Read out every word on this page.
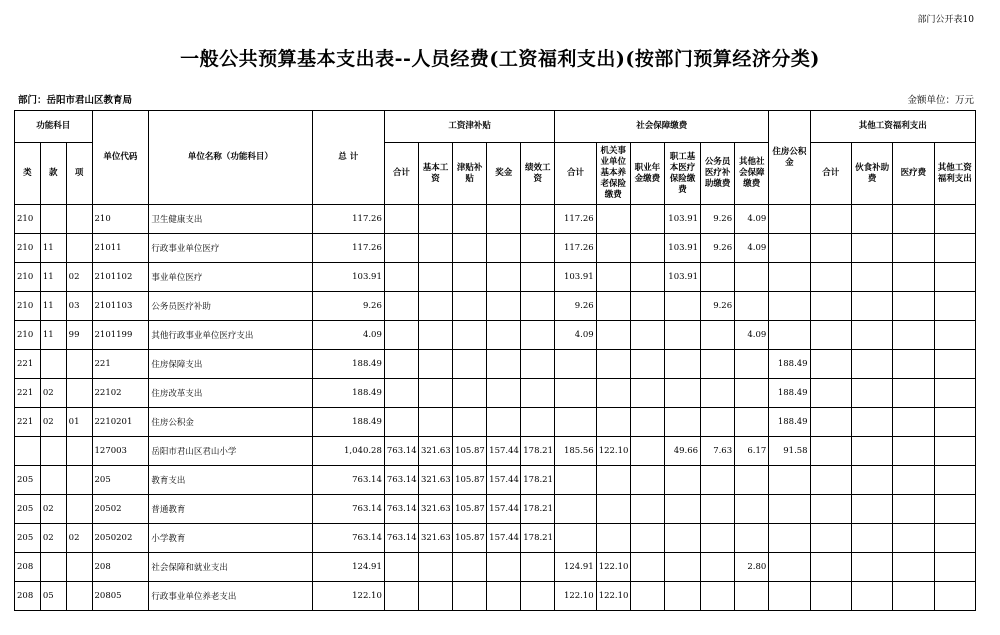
部门公开表10
一般公共预算基本支出表--人员经费(工资福利支出)(按部门预算经济分类)
部门：岳阳市君山区教育局	金额单位：万元
功能科目			单位代码	单位名称（功能科目）	总 计	工资津补贴					社会保障缴费						住房公积金	其他工资福利支出			
类	款	项				合计	基本工资	津贴补贴	奖金	绩效工资	合计	机关事业单位基本养老保险缴费	职业年金缴费	职工基本医疗保险缴费	公务员医疗补助缴费	其他社会保障缴费		合计	伙食补助费	医疗费	其他工资福利支出
210			210	卫生健康支出	117.26						117.26			103.91	9.26	4.09					
210	11		21011	行政事业单位医疗	117.26						117.26			103.91	9.26	4.09					
210	11	02	2101102	事业单位医疗	103.91						103.91			103.91							
210	11	03	2101103	公务员医疗补助	9.26						9.26				9.26						
210	11	99	2101199	其他行政事业单位医疗支出	4.09						4.09					4.09					
221			221	住房保障支出	188.49												188.49				
221	02		22102	住房改革支出	188.49												188.49				
221	02	01	2210201	住房公积金	188.49												188.49				
			127003	岳阳市君山区君山小学	1,040.28	763.14	321.63	105.87	157.44	178.21	185.56	122.10		49.66	7.63	6.17	91.58				
205			205	教育支出	763.14	763.14	321.63	105.87	157.44	178.21											
205	02		20502	普通教育	763.14	763.14	321.63	105.87	157.44	178.21											
205	02	02	2050202	小学教育	763.14	763.14	321.63	105.87	157.44	178.21											
208			208	社会保障和就业支出	124.91						124.91	122.10				2.80					
208	05		20805	行政事业单位养老支出	122.10						122.10	122.10									
